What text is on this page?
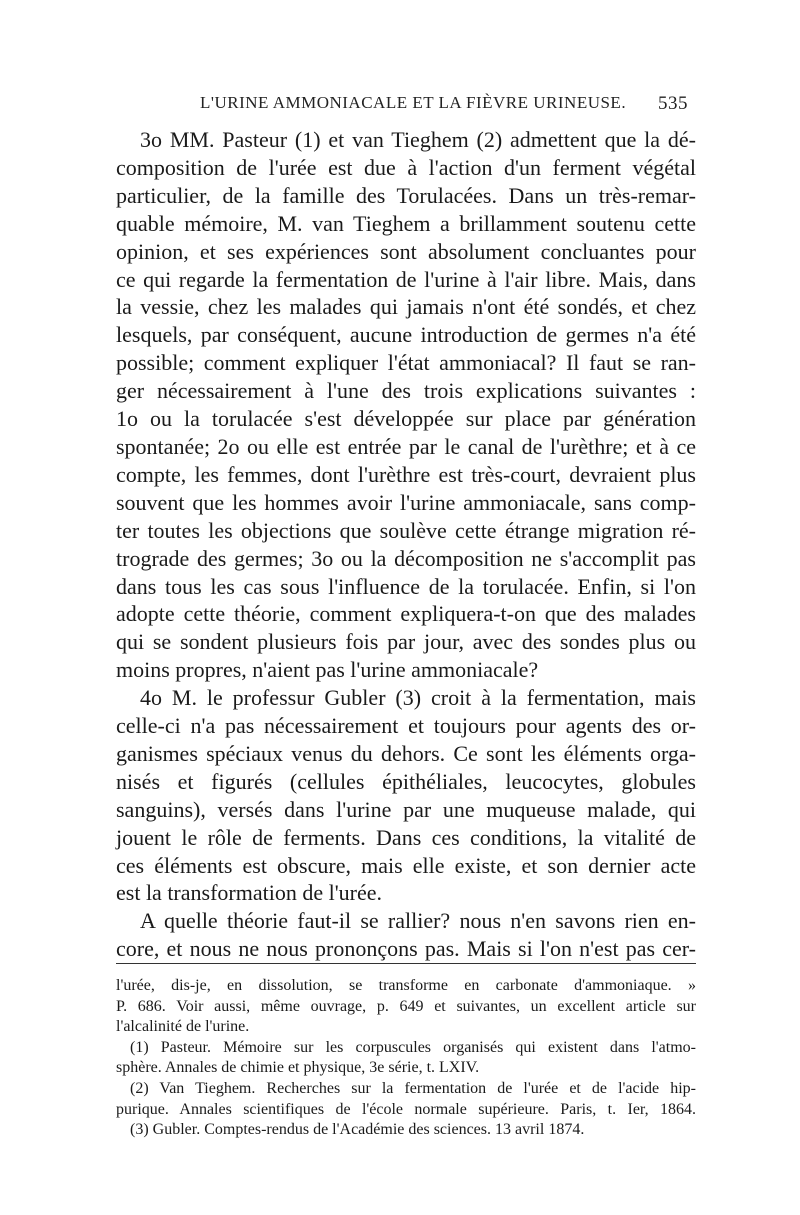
L'URINE AMMONIACALE ET LA FIÈVRE URINEUSE. 535
3o MM. Pasteur (1) et van Tieghem (2) admettent que la dé-
composition de l'urée est due à l'action d'un ferment végétal
particulier, de la famille des Torulacées. Dans un très-remar-
quable mémoire, M. van Tieghem a brillamment soutenu cette
opinion, et ses expériences sont absolument concluantes pour
ce qui regarde la fermentation de l'urine à l'air libre. Mais, dans
la vessie, chez les malades qui jamais n'ont été sondés, et chez
lesquels, par conséquent, aucune introduction de germes n'a été
possible; comment expliquer l'état ammoniacal? Il faut se ran-
ger nécessairement à l'une des trois explications suivantes :
1o ou la torulacée s'est développée sur place par génération
spontanée; 2o ou elle est entrée par le canal de l'urèthre; et à ce
compte, les femmes, dont l'urèthre est très-court, devraient plus
souvent que les hommes avoir l'urine ammoniacale, sans comp-
ter toutes les objections que soulève cette étrange migration ré-
trograde des germes; 3o ou la décomposition ne s'accomplit pas
dans tous les cas sous l'influence de la torulacée. Enfin, si l'on
adopte cette théorie, comment expliquera-t-on que des malades
qui se sondent plusieurs fois par jour, avec des sondes plus ou
moins propres, n'aient pas l'urine ammoniacale?
4o M. le professur Gubler (3) croit à la fermentation, mais
celle-ci n'a pas nécessairement et toujours pour agents des or-
ganismes spéciaux venus du dehors. Ce sont les éléments orga-
nisés et figurés (cellules épithéliales, leucocytes, globules
sanguins), versés dans l'urine par une muqueuse malade, qui
jouent le rôle de ferments. Dans ces conditions, la vitalité de
ces éléments est obscure, mais elle existe, et son dernier acte
est la transformation de l'urée.
A quelle théorie faut-il se rallier? nous n'en savons rien en-
core, et nous ne nous prononçons pas. Mais si l'on n'est pas cer-
l'urée, dis-je, en dissolution, se transforme en carbonate d'ammoniaque. »
P. 686. Voir aussi, même ouvrage, p. 649 et suivantes, un excellent article sur
l'alcalinité de l'urine.
(1) Pasteur. Mémoire sur les corpuscules organisés qui existent dans l'atmo-
sphère. Annales de chimie et physique, 3e série, t. LXIV.
(2) Van Tieghem. Recherches sur la fermentation de l'urée et de l'acide hip-
purique. Annales scientifiques de l'école normale supérieure. Paris, t. Ier, 1864.
(3) Gubler. Comptes-rendus de l'Académie des sciences. 13 avril 1874.
